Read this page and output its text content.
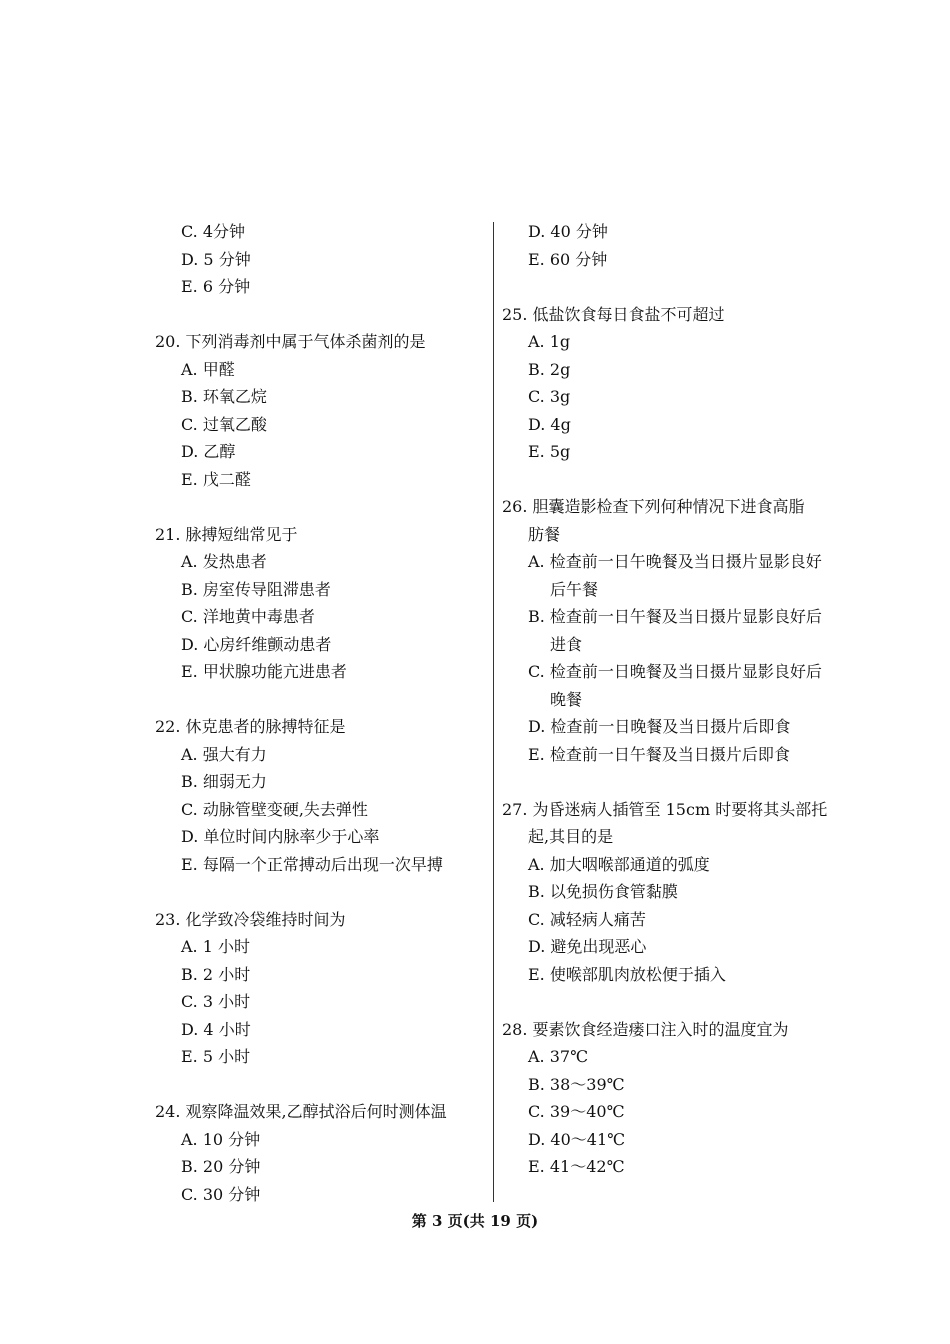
C. 4分钟
D. 5 分钟
E. 6 分钟
20. 下列消毒剂中属于气体杀菌剂的是
A. 甲醛
B. 环氧乙烷
C. 过氧乙酸
D. 乙醇
E. 戊二醛
21. 脉搏短绌常见于
A. 发热患者
B. 房室传导阻滞患者
C. 洋地黄中毒患者
D. 心房纤维颤动患者
E. 甲状腺功能亢进患者
22. 休克患者的脉搏特征是
A. 强大有力
B. 细弱无力
C. 动脉管壁变硬,失去弹性
D. 单位时间内脉率少于心率
E. 每隔一个正常搏动后出现一次早搏
23. 化学致冷袋维持时间为
A. 1 小时
B. 2 小时
C. 3 小时
D. 4 小时
E. 5 小时
24. 观察降温效果,乙醇拭浴后何时测体温
A. 10 分钟
B. 20 分钟
C. 30 分钟
D. 40 分钟
E. 60 分钟
25. 低盐饮食每日食盐不可超过
A. 1g
B. 2g
C. 3g
D. 4g
E. 5g
26. 胆囊造影检查下列何种情况下进食高脂
肪餐
A. 检查前一日午晚餐及当日摄片显影良好
后午餐
B. 检查前一日午餐及当日摄片显影良好后
进食
C. 检查前一日晚餐及当日摄片显影良好后
晚餐
D. 检查前一日晚餐及当日摄片后即食
E. 检查前一日午餐及当日摄片后即食
27. 为昏迷病人插管至 15cm 时要将其头部托
起,其目的是
A. 加大咽喉部通道的弧度
B. 以免损伤食管黏膜
C. 减轻病人痛苦
D. 避免出现恶心
E. 使喉部肌肉放松便于插入
28. 要素饮食经造瘘口注入时的温度宜为
A. 37℃
B. 38～39℃
C. 39～40℃
D. 40～41℃
E. 41～42℃
第 3 页(共 19 页)
